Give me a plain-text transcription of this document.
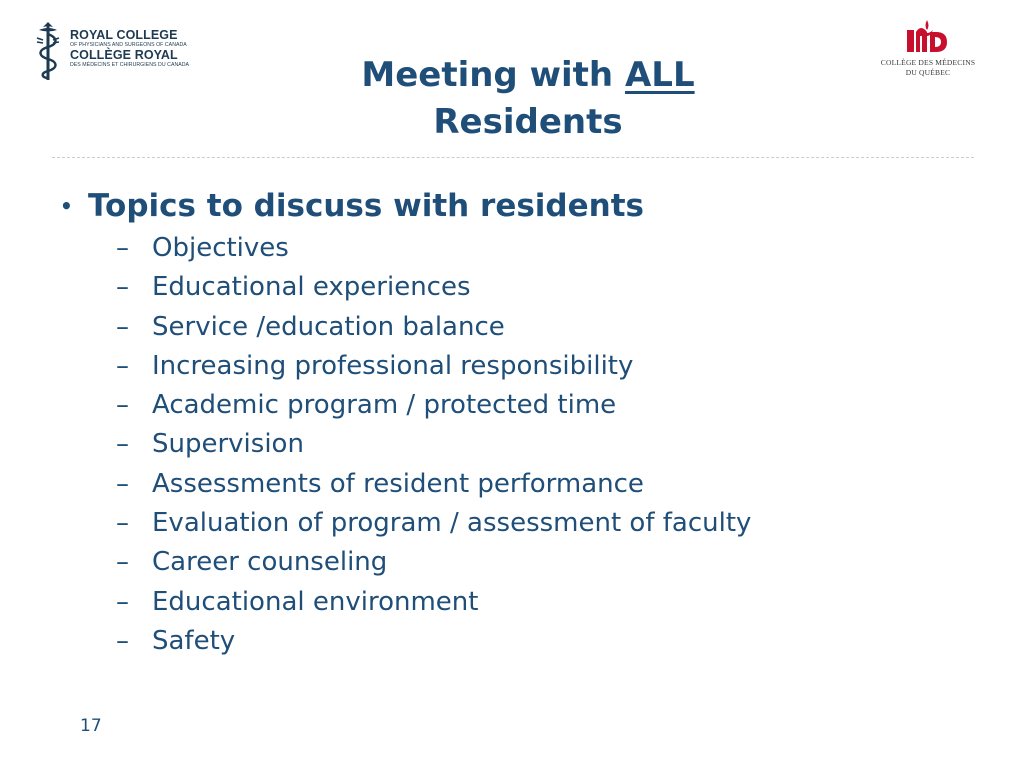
ROYAL COLLEGE
OF PHYSICIANS AND SURGEONS OF CANADA
COLLÈGE ROYAL
DES MÉDECINS ET CHIRURGIENS DU CANADA	COLLÈGE DES MÉDECINS
DU QUÉBEC
Meeting with ALL
Residents
• Topics to discuss with residents
– Objectives
– Educational experiences
– Service /education balance
– Increasing professional responsibility
– Academic program / protected time
– Supervision
– Assessments of resident performance
– Evaluation of program / assessment of faculty
– Career counseling
– Educational environment
– Safety
17
